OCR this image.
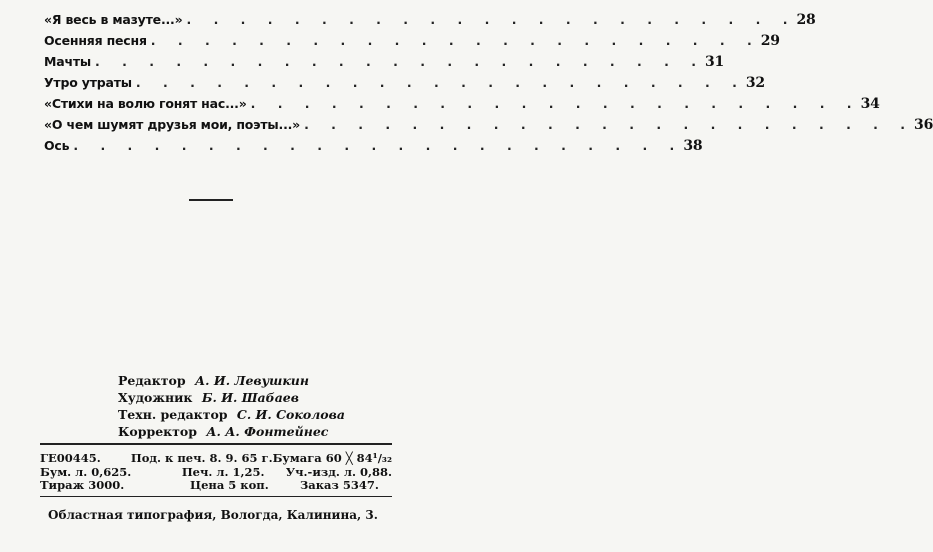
«Я весь в мазуте...» . . . . . . . . . . . . . . . . . . . . . . . 28
Осенняя песня . . . . . . . . . . . . . . . . . . . . . . . 29
Мачты . . . . . . . . . . . . . . . . . . . . . . . 31
Утро утраты . . . . . . . . . . . . . . . . . . . . . . . 32
«Стихи на волю гонят нас...» . . . . . . . . . . . . . . . . . . . . . . . 34
«О чем шумят друзья мои, поэты...» . . . . . . . . . . . . . . . . . . . . . . . 36
Ось . . . . . . . . . . . . . . . . . . . . . . . 38
Редактор А. И. Левушкин
Художник Б. И. Шабаев
Техн. редактор С. И. Соколова
Корректор А. А. Фонтейнес
ГЕ00445.	Под. к печ. 8. 9. 65 г. Бумага 60 ╳ 84¹/₃₂
Бум. л. 0,625.	Печ. л. 1,25.	Уч.-изд. л. 0,88.
Тираж 3000.	Цена 5 коп.	Заказ 5347.
Областная типография, Вологда, Калинина, 3.
